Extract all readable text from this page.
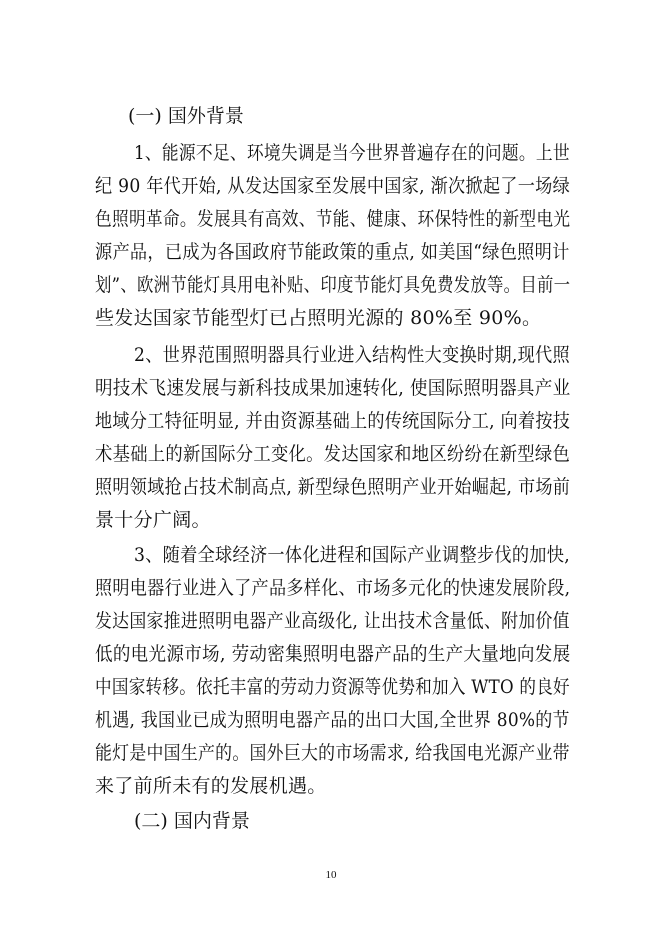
(一) 国外背景
1、能源不足、环境失调是当今世界普遍存在的问题。上世
纪 90 年代开始, 从发达国家至发展中国家, 渐次掀起了一场绿
色照明革命。发展具有高效、节能、健康、环保特性的新型电光
源产品，已成为各国政府节能政策的重点, 如美国“绿色照明计
划”、欧洲节能灯具用电补贴、印度节能灯具免费发放等。目前一
些发达国家节能型灯已占照明光源的 80%至 90%。
2、世界范围照明器具行业进入结构性大变换时期,现代照
明技术飞速发展与新科技成果加速转化, 使国际照明器具产业
地域分工特征明显, 并由资源基础上的传统国际分工, 向着按技
术基础上的新国际分工变化。发达国家和地区纷纷在新型绿色
照明领域抢占技术制高点, 新型绿色照明产业开始崛起, 市场前
景十分广阔。
3、随着全球经济一体化进程和国际产业调整步伐的加快,
照明电器行业进入了产品多样化、市场多元化的快速发展阶段,
发达国家推进照明电器产业高级化, 让出技术含量低、附加价值
低的电光源市场, 劳动密集照明电器产品的生产大量地向发展
中国家转移。依托丰富的劳动力资源等优势和加入 WTO 的良好
机遇, 我国业已成为照明电器产品的出口大国,全世界 80%的节
能灯是中国生产的。国外巨大的市场需求, 给我国电光源产业带
来了前所未有的发展机遇。
(二) 国内背景
10
